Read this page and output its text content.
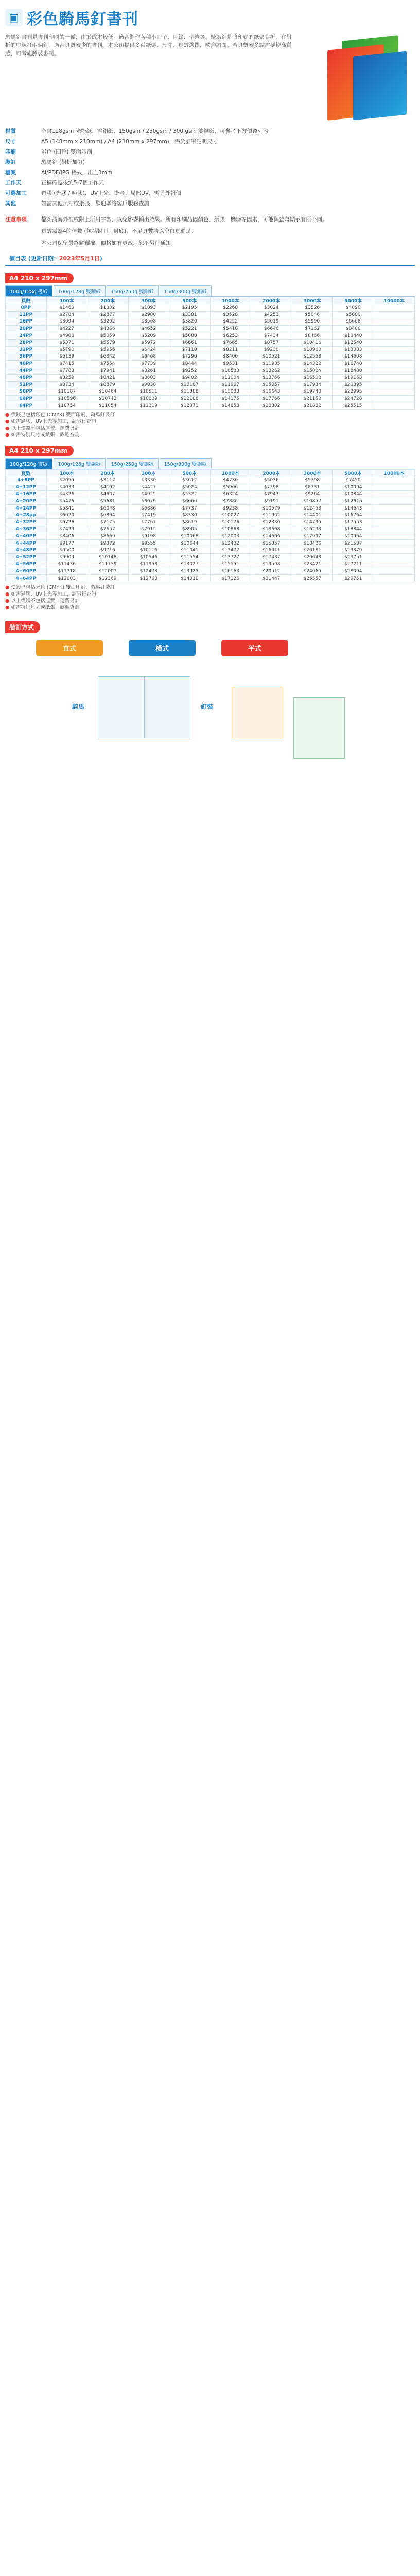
▣ 彩色騎馬釘書刊
騎馬釘書刊是書刊印刷的一種，由於成本較低，適合製作各種小冊子、目錄、型錄等。騎馬釘是將印好的紙張對折，在對折的中線打兩個釘，適合頁數較少的書刊。本公司提供多種紙張、尺寸、頁數選擇，歡迎詢問。若頁數較多或需要較高質感，可考慮膠裝書刊。
材質	全書128gsm 光粉紙、雪銅紙、150gsm / 250gsm / 300 gsm 雙銅紙，可參考下方價錢列表
尺寸	A5 (148mm x 210mm) / A4 (210mm x 297mm)，需於訂單註明尺寸
印刷	彩色 (四色) 雙面印刷
裝訂	騎馬釘 (對折加釘)
檔案	Ai/PDF/JPG 格式，出血3mm
工作天	正稿確認後約5-7個工作天
可選加工	過膠 (光膠 / 啞膠)、UV上光、燙金、局部UV，需另外報價
其他	如需其他尺寸或紙張，歡迎聯絡客戶服務查詢
注意事項	檔案請轉外框或附上所用字型，以免影響輸出效果。所有印刷品因顏色、紙張、機器等因素，可能與螢幕顯示有所不同。
頁數需為4的倍數 (包括封面、封底)，不足頁數請以空白頁補足。
本公司保留最終解釋權，價格如有更改，恕不另行通知。
價目表 (更新日期：2023年5月1日)
A4 210 x 297mm
100g/128g 書紙	100g/128g 雙銅紙	150g/250g 雙銅紙	150g/300g 雙銅紙
頁數	100本	200本	300本	500本	1000本	2000本	3000本	5000本	10000本
8PP	$1460	$1802	$1893	$2195	$2268	$3024	$3526	$4090	
12PP	$2784	$2877	$2980	$3381	$3528	$4253	$5046	$5880	
16PP	$3094	$3292	$3508	$3820	$4222	$5019	$5990	$6668	
20PP	$4227	$4366	$4652	$5221	$5418	$6646	$7162	$8400	
24PP	$4900	$5059	$5209	$5880	$6253	$7434	$8466	$10440	
28PP	$5371	$5579	$5972	$6661	$7665	$8757	$10416	$12540	
32PP	$5790	$5956	$6424	$7110	$8211	$9230	$10960	$13083	
36PP	$6139	$6342	$6468	$7290	$8400	$10521	$12558	$14608	
40PP	$7415	$7554	$7739	$8444	$9531	$11935	$14322	$16748	
44PP	$7783	$7941	$8261	$9252	$10583	$13262	$15824	$18480	
48PP	$8259	$8421	$8603	$9402	$11004	$13766	$16508	$19163	
52PP	$8734	$8879	$9038	$10187	$11907	$15057	$17934	$20895	
56PP	$10187	$10464	$10511	$11388	$13083	$16643	$19740	$22995	
60PP	$10596	$10742	$10839	$12186	$14175	$17766	$21150	$24728	
64PP	$10754	$11054	$11319	$12371	$14658	$18302	$21882	$25515	
● 價錢已包括彩色 (CMYK) 雙面印刷、騎馬釘裝訂
● 如需過膠、UV上光等加工，請另行查詢
● 以上價錢不包括運費，運費另計
● 如需特別尺寸或紙張，歡迎查詢
A4 210 x 297mm
100g/128g 書紙	100g/128g 雙銅紙	150g/250g 雙銅紙	150g/300g 雙銅紙
頁數	100本	200本	300本	500本	1000本	2000本	3000本	5000本	10000本
4+8PP	$2055	$3117	$3330	$3612	$4730	$5036	$5798	$7450	
4+12PP	$4033	$4192	$4427	$5024	$5906	$7398	$8731	$10094	
4+16PP	$4326	$4607	$4925	$5322	$6324	$7943	$9264	$10844	
4+20PP	$5476	$5681	$6079	$6660	$7886	$9191	$10857	$12616	
4+24PP	$5841	$6048	$6886	$7737	$9238	$10579	$12453	$14643	
4+28pp	$6620	$6894	$7419	$8330	$10027	$11902	$14401	$16764	
4+32PP	$6726	$7175	$7767	$8619	$10176	$12330	$14735	$17553	
4+36PP	$7429	$7657	$7915	$8905	$10868	$13668	$16233	$18844	
4+40PP	$8406	$8669	$9198	$10068	$12003	$14666	$17997	$20964	
4+44PP	$9177	$9372	$9555	$10644	$12432	$15357	$18426	$21537	
4+48PP	$9500	$9716	$10116	$11041	$13472	$16911	$20181	$23379	
4+52PP	$9909	$10148	$10546	$11554	$13727	$17437	$20643	$23751	
4+56PP	$11436	$11779	$11958	$13027	$15551	$19508	$23421	$27211	
4+60PP	$11718	$12007	$12478	$13925	$16163	$20512	$24065	$28094	
4+64PP	$12003	$12369	$12768	$14010	$17126	$21447	$25557	$29751	
● 價錢已包括彩色 (CMYK) 雙面印刷、騎馬釘裝訂
● 如需過膠、UV上光等加工，請另行查詢
● 以上價錢不包括運費，運費另計
● 如需特別尺寸或紙張，歡迎查詢
裝訂方式
直式	橫式	平式
騎馬	釘裝
